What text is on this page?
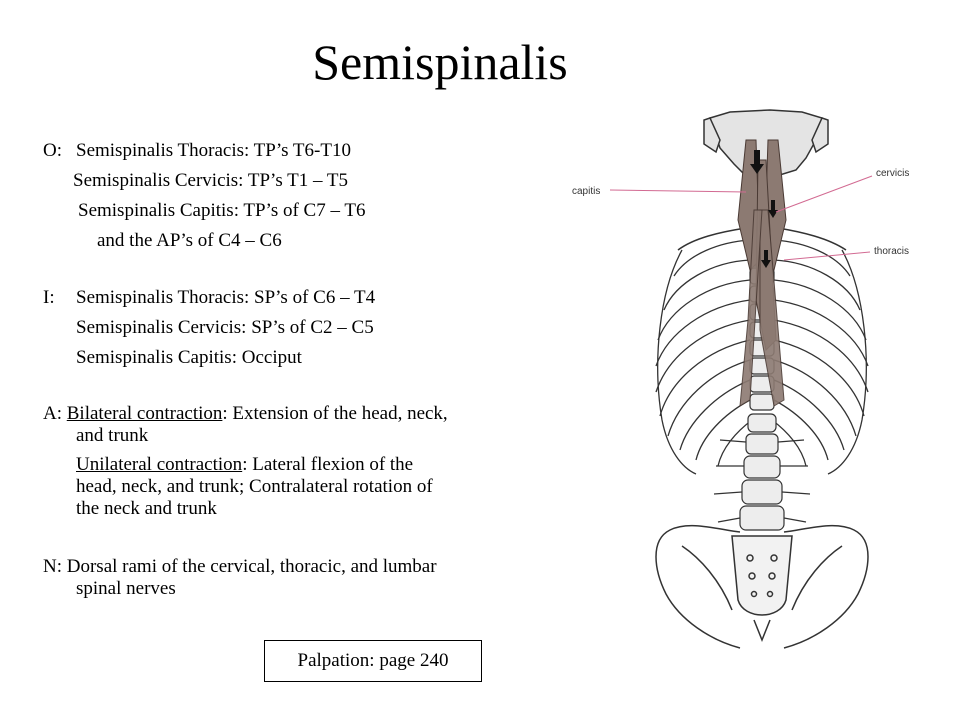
Semispinalis
O: Semispinalis Thoracis: TP’s T6-T10
Semispinalis Cervicis: TP’s T1 – T5
Semispinalis Capitis: TP’s of C7 – T6
and the AP’s of C4 – C6
I: Semispinalis Thoracis: SP’s of C6 – T4
Semispinalis Cervicis: SP’s of C2 – C5
Semispinalis Capitis: Occiput
A: Bilateral contraction: Extension of the head, neck,
and trunk
Unilateral contraction: Lateral flexion of the
head, neck, and trunk; Contralateral rotation of
the neck and trunk
N: Dorsal rami of the cervical, thoracic, and lumbar
spinal nerves
Palpation: page 240
capitis
cervicis
thoracis
